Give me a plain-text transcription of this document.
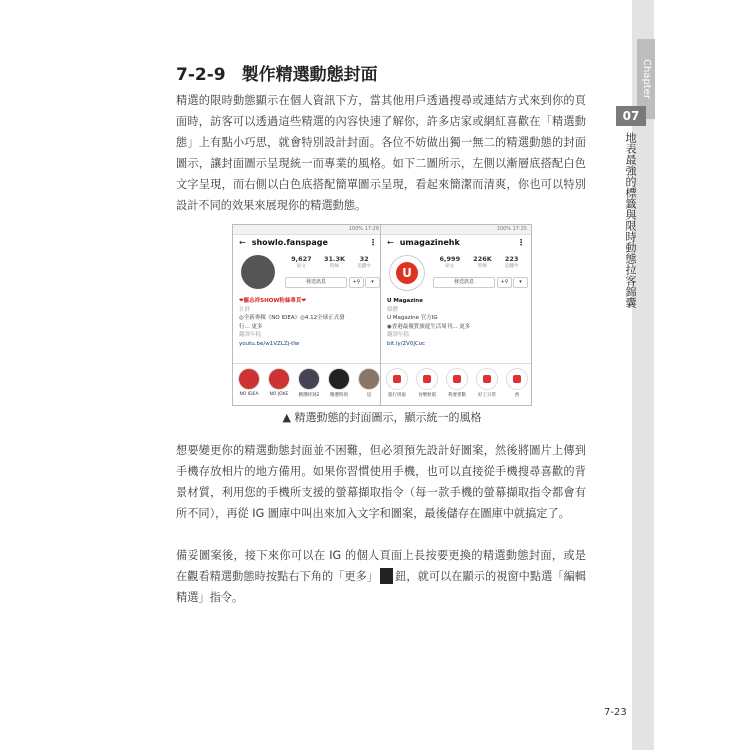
Chapter
07
地表最強的標籤與限時動態拉客錦囊
7-2-9 製作精選動態封面

精選的限時動態顯示在個人資訊下方，當其他用戶透過搜尋或連結方式來到你的頁面時，訪客可以透過這些精選的內容快速了解你，許多店家或網紅喜歡在「精選動態」上有點小巧思，就會特別設計封面。各位不妨做出獨一無二的精選動態的封面圖示，讓封面圖示呈現統一而專業的風格。如下二圖所示，左側以漸層底搭配白色文字呈現，而右側以白色底搭配簡單圖示呈現，看起來簡潔而清爽，你也可以特別設計不同的效果來展現你的精選動態。

100% 17:26
← showlo.fanspage	⋮
9,627
貼文
31.3K
粉絲
32
追蹤中
發送訊息	+⚲	▾
❤羅志祥SHOW粉絲專頁❤
社群
◎全新專輯《NO IDEA》◎4.12全球正式發
行... 更多
翻譯年糕
youtu.be/w1VZLZj-tlw
NO IDEA	NO JOKE	精選時刻2	精選時刻	這
100% 17:25
← umagazinehk	⋮
U
6,999
貼文
226K
粉絲
223
追蹤中
發送訊息	+⚲	▾
U Magazine
媒體
U Magazine 官方IG
◉香港最優質旅遊生活周刊... 更多
翻譯年糕
bit.ly/2V0jCoc
旅行周報	食樂無窮	我要著數	好工日常	香
▲ 精選動態的封面圖示，顯示統一的風格

想要變更你的精選動態封面並不困難，但必須預先設計好圖案，然後將圖片上傳到手機存放相片的地方備用。如果你習慣使用手機，也可以直接從手機搜尋喜歡的背景材質，利用您的手機所支援的螢幕擷取指令（每一款手機的螢幕擷取指令都會有所不同），再從 IG 圖庫中叫出來加入文字和圖案，最後儲存在圖庫中就搞定了。

備妥圖案後，接下來你可以在 IG 的個人頁面上長按要更換的精選動態封面，或是在觀看精選動態時按點右下角的「更多」 鈕，就可以在顯示的視窗中點選「編輯精選」指令。

7-23
